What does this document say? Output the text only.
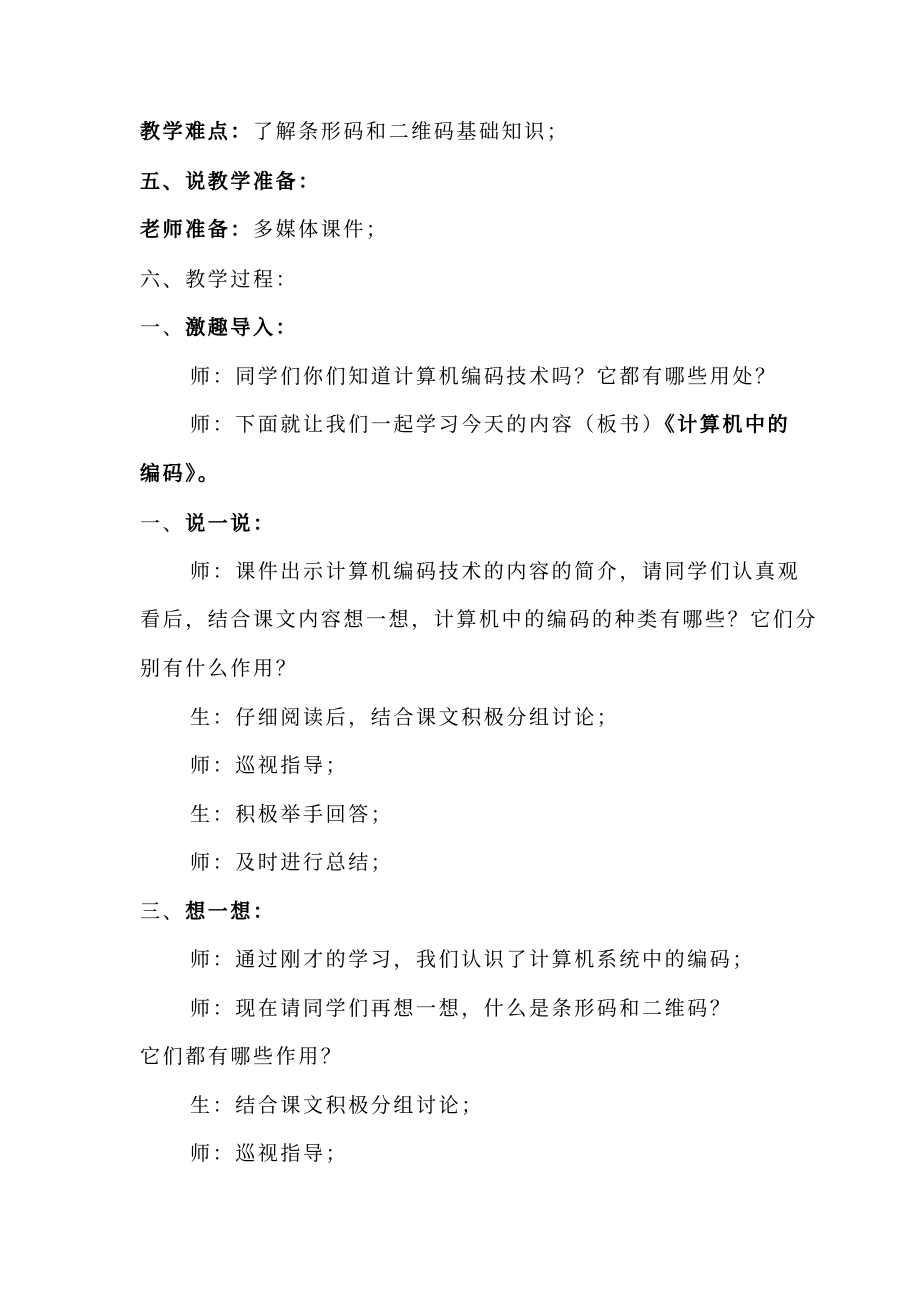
教学难点：了解条形码和二维码基础知识；
五、说教学准备：
老师准备：多媒体课件；
六、教学过程：
一、激趣导入：
师：同学们你们知道计算机编码技术吗？它都有哪些用处？
师：下面就让我们一起学习今天的内容（板书）《计算机中的
编码》。
一、说一说：
师：课件出示计算机编码技术的内容的简介，请同学们认真观
看后，结合课文内容想一想，计算机中的编码的种类有哪些？它们分
别有什么作用？
生：仔细阅读后，结合课文积极分组讨论；
师：巡视指导；
生：积极举手回答；
师：及时进行总结；
三、想一想：
师：通过刚才的学习，我们认识了计算机系统中的编码；
师：现在请同学们再想一想，什么是条形码和二维码？
它们都有哪些作用？
生：结合课文积极分组讨论；
师：巡视指导；
